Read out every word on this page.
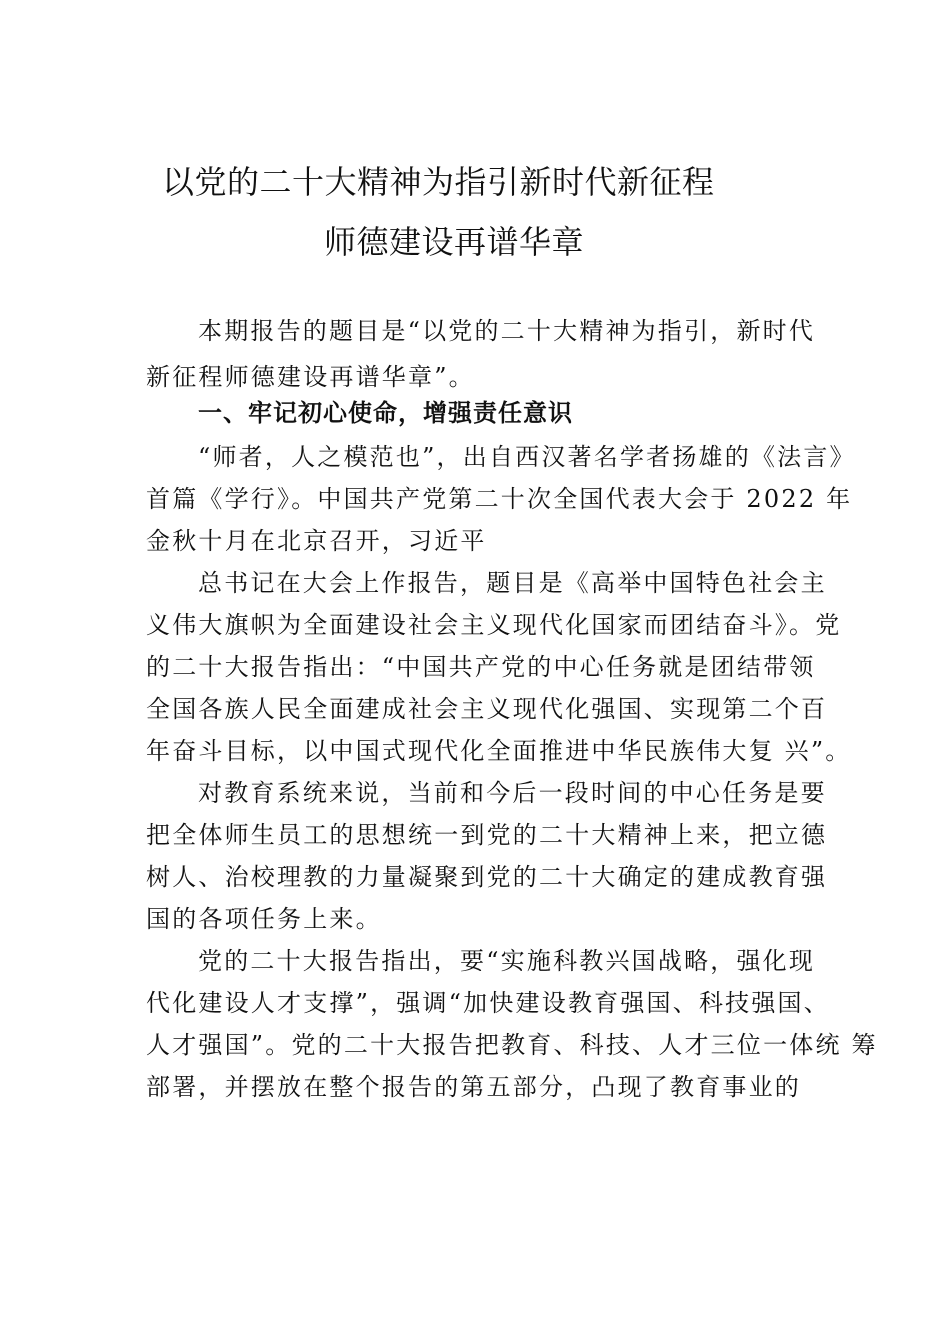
以党的二十大精神为指引新时代新征程
师德建设再谱华章
本期报告的题目是“以党的二十大精神为指引，新时代
新征程师德建设再谱华章”。
一、牢记初心使命，增强责任意识
“师者，人之模范也”，出自西汉著名学者扬雄的《法言》
首篇《学行》。中国共产党第二十次全国代表大会于 2022 年
金秋十月在北京召开，习近平
总书记在大会上作报告，题目是《高举中国特色社会主
义伟大旗帜为全面建设社会主义现代化国家而团结奋斗》。党
的二十大报告指出：“中国共产党的中心任务就是团结带领
全国各族人民全面建成社会主义现代化强国、实现第二个百
年奋斗目标，以中国式现代化全面推进中华民族伟大复 兴”。
对教育系统来说，当前和今后一段时间的中心任务是要
把全体师生员工的思想统一到党的二十大精神上来，把立德
树人、治校理教的力量凝聚到党的二十大确定的建成教育强
国的各项任务上来。
党的二十大报告指出，要“实施科教兴国战略，强化现
代化建设人才支撑”，强调“加快建设教育强国、科技强国、
人才强国”。党的二十大报告把教育、科技、人才三位一体统 筹
部署，并摆放在整个报告的第五部分，凸现了教育事业的
